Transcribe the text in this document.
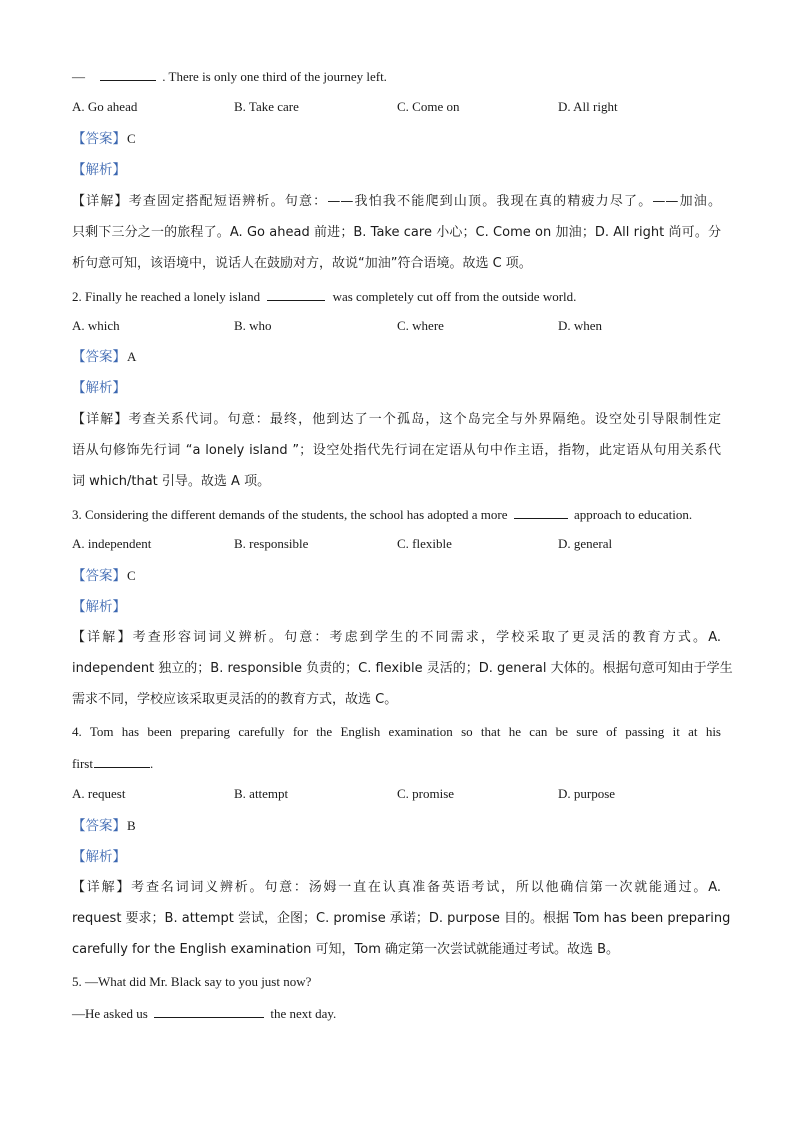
—	. There is only one third of the journey left.
A. Go ahead	B. Take care	C. Come on	D. All right
【答案】C
【解析】
【详解】考查固定搭配短语辨析。句意：——我怕我不能爬到山顶。我现在真的精疲力尽了。——加油。
只剩下三分之一的旅程了。A. Go ahead 前进；B. Take care 小心；C. Come on 加油；D. All right 尚可。分
析句意可知，该语境中，说话人在鼓励对方，故说“加油”符合语境。故选 C 项。
2. Finally he reached a lonely island	was completely cut off from the outside world.
A. which	B. who	C. where	D. when
【答案】A
【解析】
【详解】考查关系代词。句意：最终，他到达了一个孤岛，这个岛完全与外界隔绝。设空处引导限制性定
语从句修饰先行词 “a lonely island ”；设空处指代先行词在定语从句中作主语，指物，此定语从句用关系代
词 which/that 引导。故选 A 项。
3. Considering the different demands of the students, the school has adopted a more	approach to education.
A. independent	B. responsible	C. flexible	D. general
【答案】C
【解析】
【详解】考查形容词词义辨析。句意：考虑到学生的不同需求，学校采取了更灵活的教育方式。A.
independent 独立的；B. responsible 负责的；C. flexible 灵活的；D. general 大体的。根据句意可知由于学生
需求不同，学校应该采取更灵活的的教育方式，故选 C。
4. Tom has been preparing carefully for the English examination so that he can be sure of passing it at his
first	.
A. request	B. attempt	C. promise	D. purpose
【答案】B
【解析】
【详解】考查名词词义辨析。句意：汤姆一直在认真准备英语考试，所以他确信第一次就能通过。A.
request 要求；B. attempt 尝试，企图；C. promise 承诺；D. purpose 目的。根据 Tom has been preparing
carefully for the English examination 可知，Tom 确定第一次尝试就能通过考试。故选 B。
5. —What did Mr. Black say to you just now?
—He asked us	the next day.
